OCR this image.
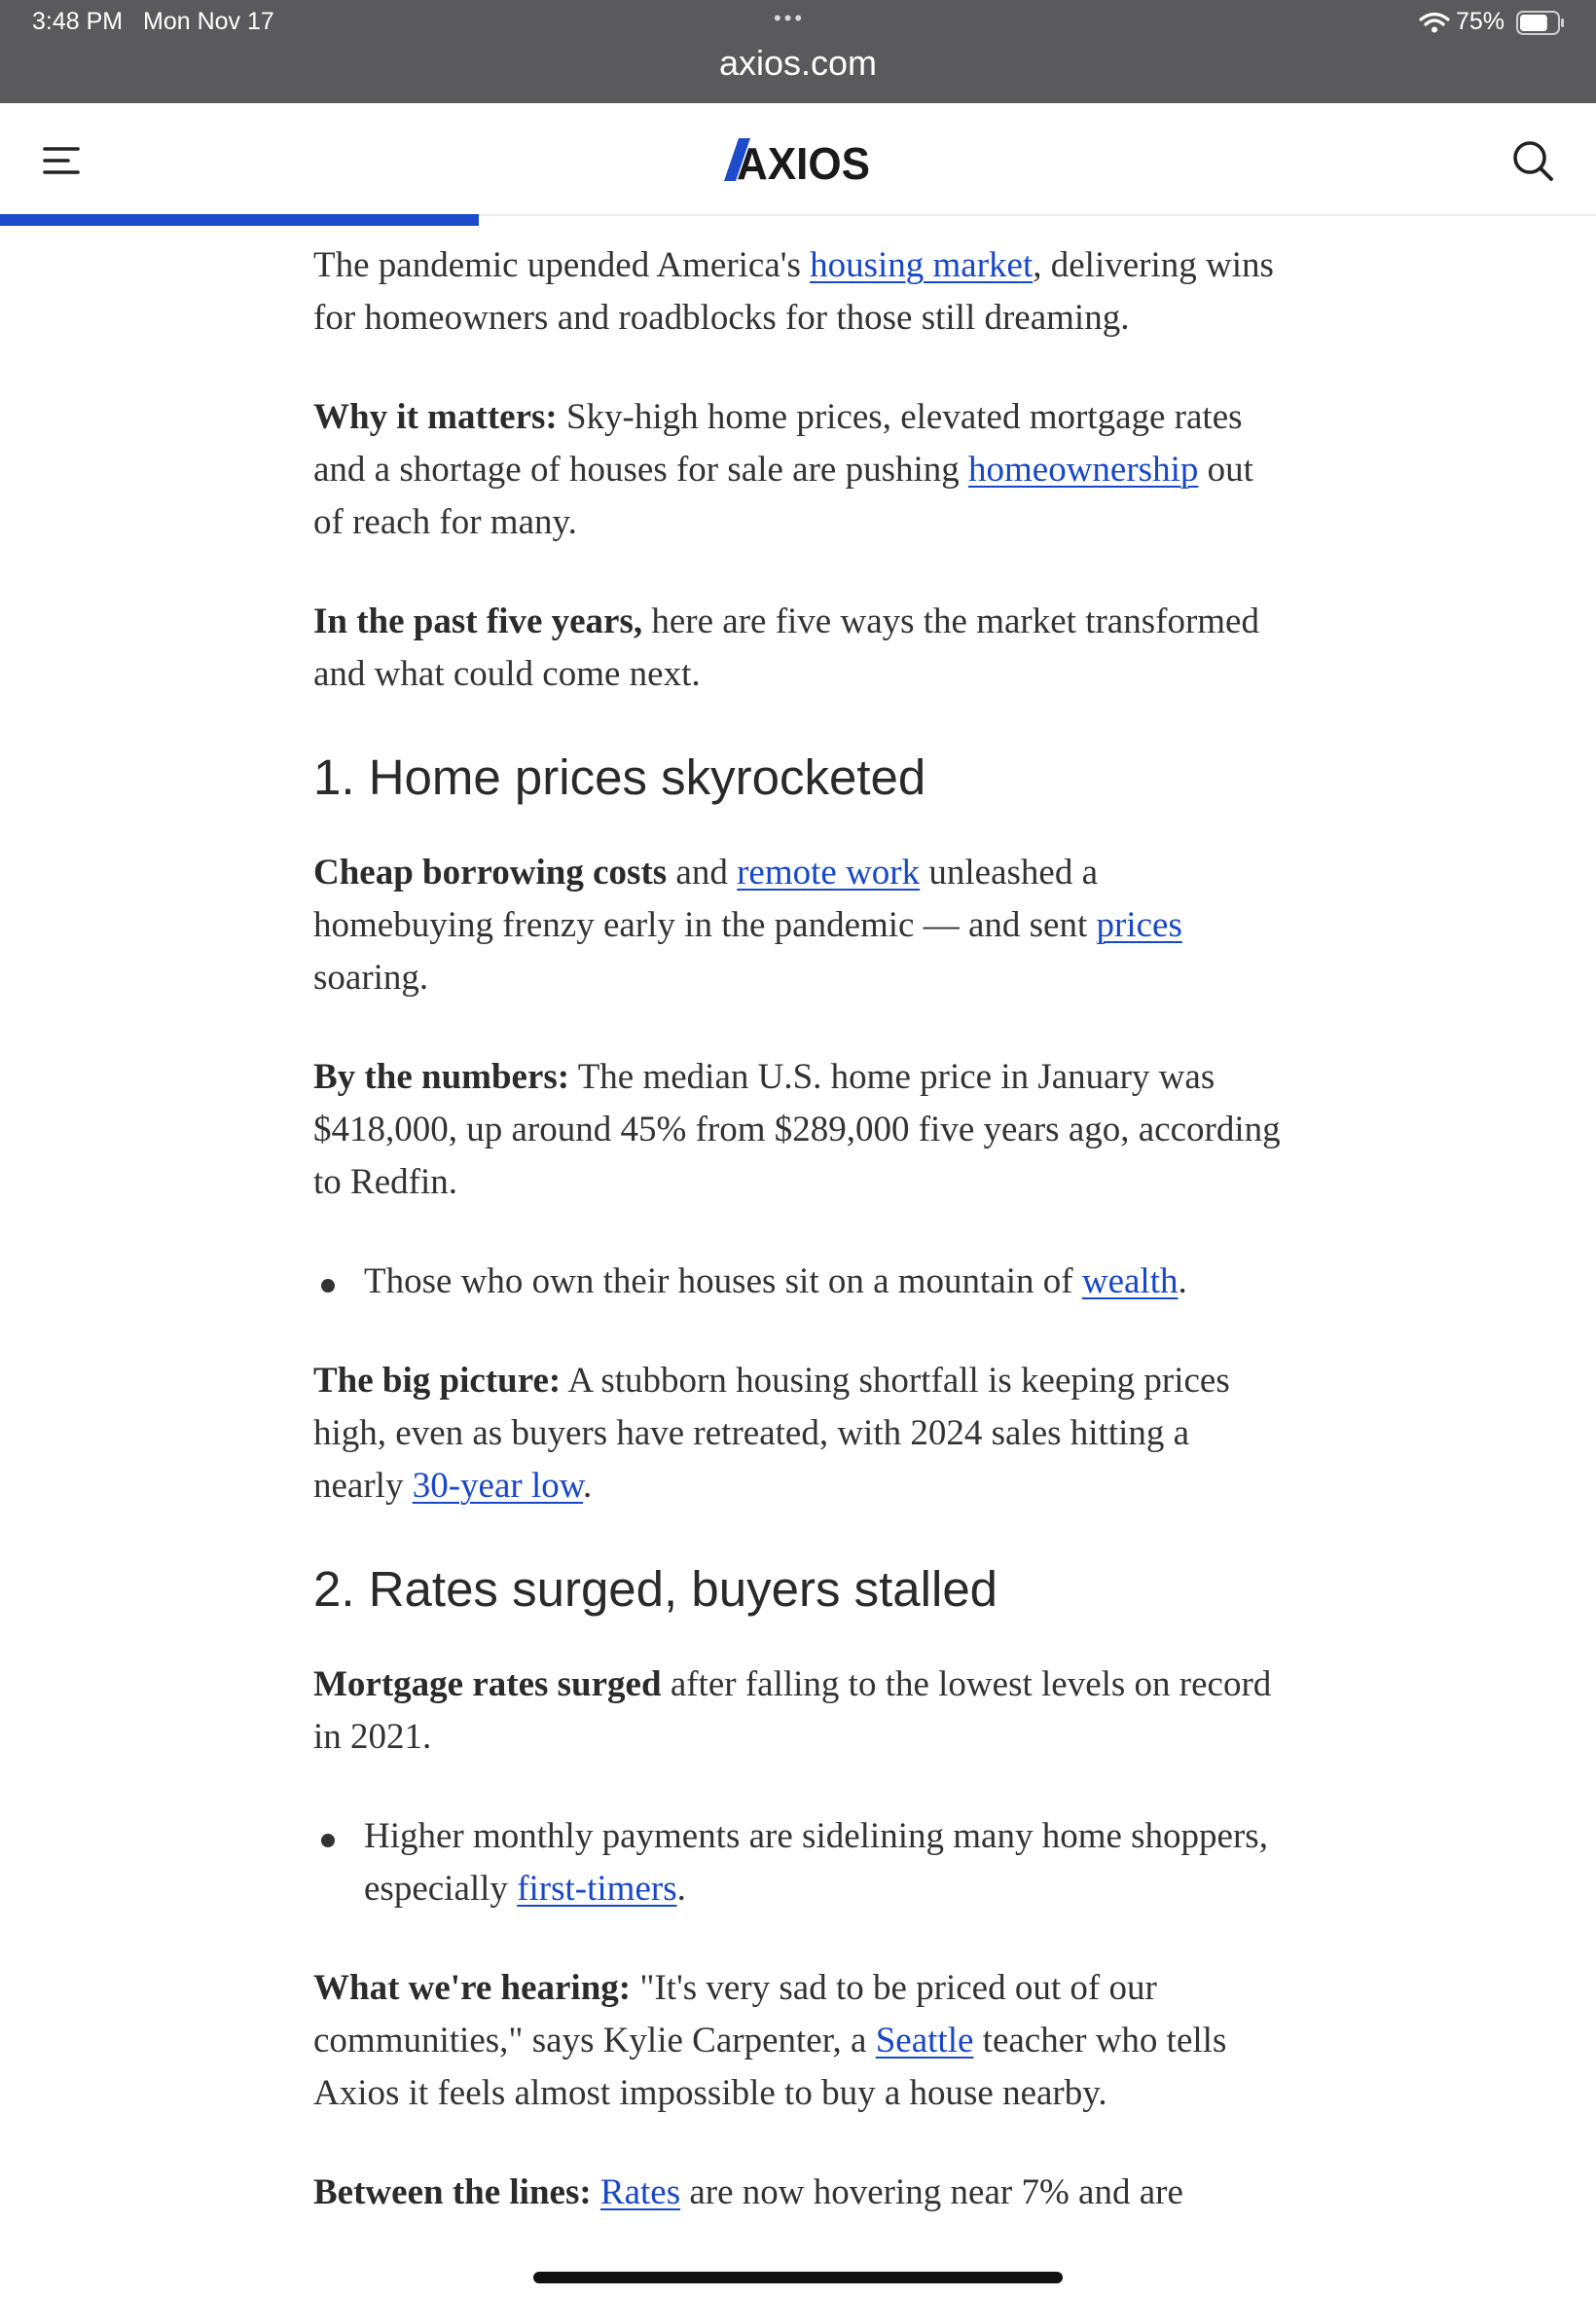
3:48 PM Mon Nov 17	•••	75%
axios.com
AXIOS

The pandemic upended America's housing market, delivering wins for homeowners and roadblocks for those still dreaming.

Why it matters: Sky-high home prices, elevated mortgage rates and a shortage of houses for sale are pushing homeownership out of reach for many.

In the past five years, here are five ways the market transformed and what could come next.

1. Home prices skyrocketed

Cheap borrowing costs and remote work unleashed a homebuying frenzy early in the pandemic — and sent prices soaring.

By the numbers: The median U.S. home price in January was $418,000, up around 45% from $289,000 five years ago, according to Redfin.

Those who own their houses sit on a mountain of wealth.

The big picture: A stubborn housing shortfall is keeping prices high, even as buyers have retreated, with 2024 sales hitting a nearly 30-year low.

2. Rates surged, buyers stalled

Mortgage rates surged after falling to the lowest levels on record in 2021.

Higher monthly payments are sidelining many home shoppers, especially first-timers.

What we're hearing: "It's very sad to be priced out of our communities," says Kylie Carpenter, a Seattle teacher who tells Axios it feels almost impossible to buy a house nearby.

Between the lines: Rates are now hovering near 7% and are
